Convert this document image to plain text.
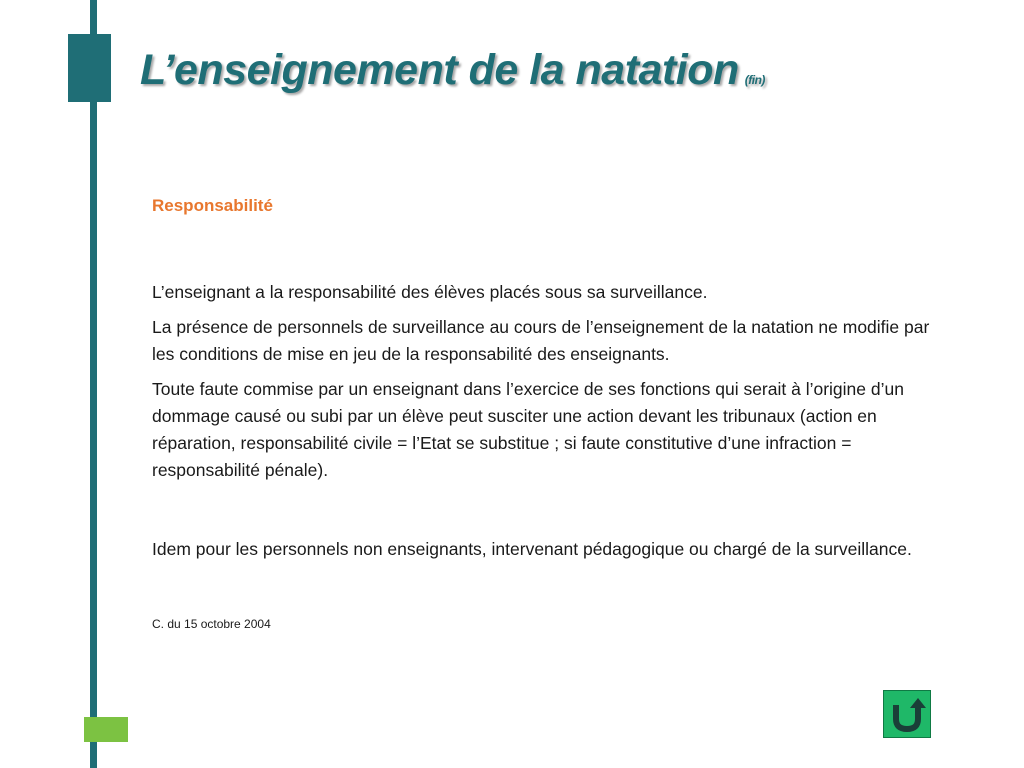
L’enseignement de la natation (fin)

Responsabilité

L’enseignant a la responsabilité des élèves placés sous sa surveillance.

La présence de personnels de surveillance au cours de l’enseignement de la natation ne modifie par les conditions de mise en jeu de la responsabilité des enseignants.

Toute faute commise par un enseignant dans l’exercice de ses fonctions qui serait à l’origine d’un dommage causé ou subi par un élève peut susciter une action devant les tribunaux (action en réparation, responsabilité civile = l’Etat se substitue ; si faute constitutive d’une infraction = responsabilité pénale).

Idem pour les personnels non enseignants, intervenant pédagogique ou chargé de la surveillance.

C. du 15 octobre 2004
